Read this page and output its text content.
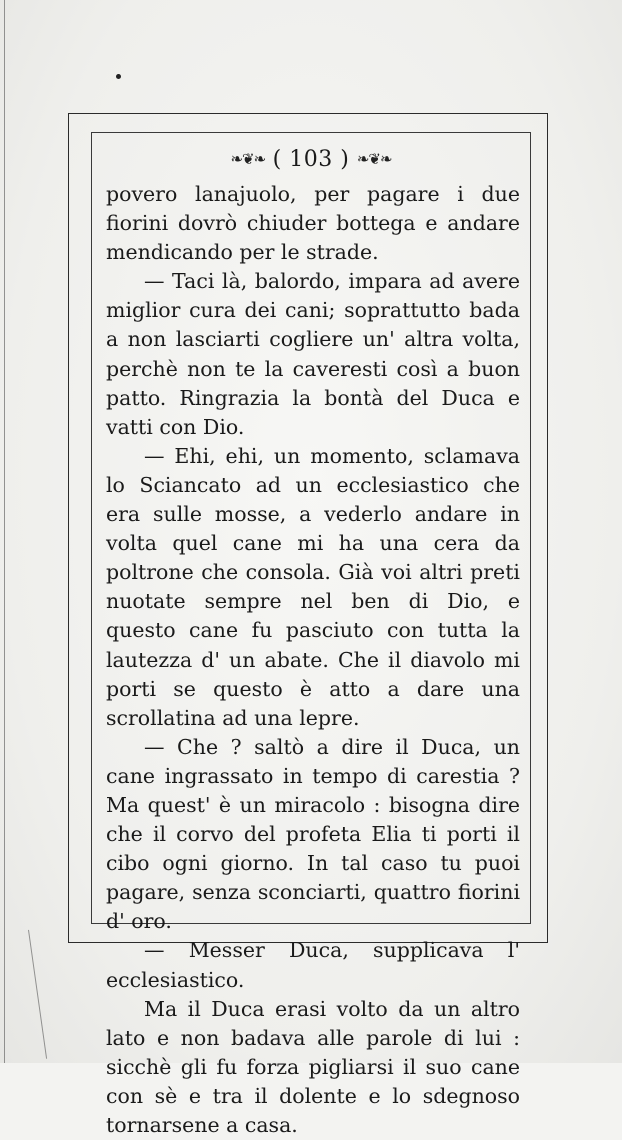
❧❦❧ ( 103 ) ❧❦❧

povero lanajuolo, per pagare i due fiorini dovrò chiuder bottega e andare mendicando per le strade.

— Taci là, balordo, impara ad avere miglior cura dei cani; soprattutto bada a non lasciarti cogliere un' altra volta, perchè non te la caveresti così a buon patto. Ringrazia la bontà del Duca e vatti con Dio.

— Ehi, ehi, un momento, sclamava lo Sciancato ad un ecclesiastico che era sulle mosse, a vederlo andare in volta quel cane mi ha una cera da poltrone che consola. Già voi altri preti nuotate sempre nel ben di Dio, e questo cane fu pasciuto con tutta la lautezza d' un abate. Che il diavolo mi porti se questo è atto a dare una scrollatina ad una lepre.

— Che ? saltò a dire il Duca, un cane ingrassato in tempo di carestia ? Ma quest' è un miracolo : bisogna dire che il corvo del profeta Elia ti porti il cibo ogni giorno. In tal caso tu puoi pagare, senza sconciarti, quattro fiorini d' oro.

— Messer Duca, supplicava l' ecclesiastico.

Ma il Duca erasi volto da un altro lato e non badava alle parole di lui : sicchè gli fu forza pigliarsi il suo cane con sè e tra il dolente e lo sdegnoso tornarsene a casa.
